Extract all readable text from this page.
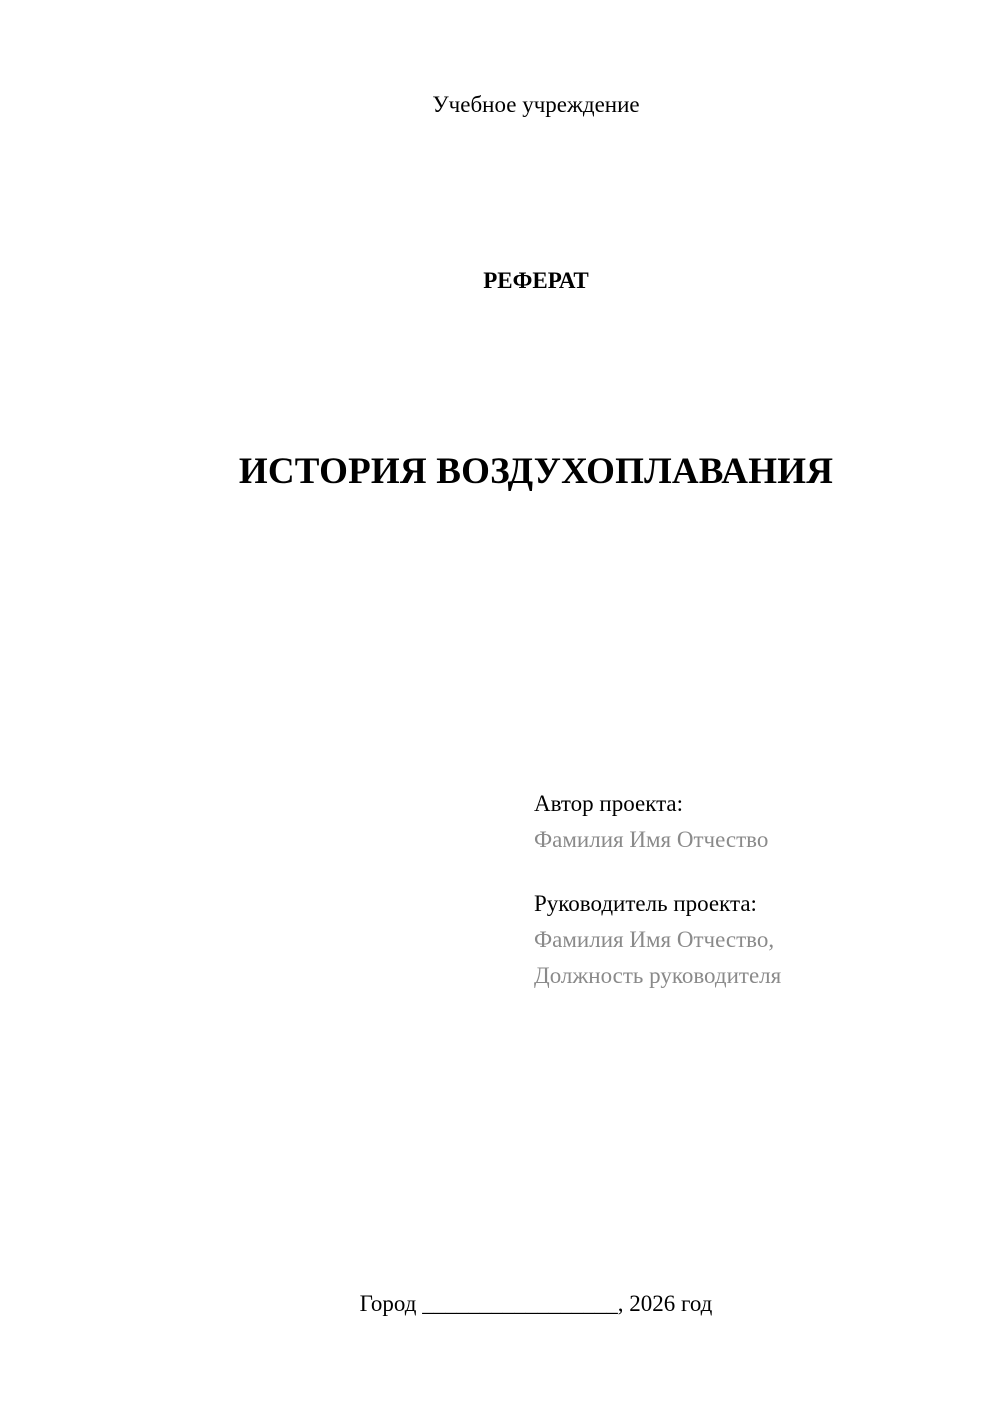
Учебное учреждение
РЕФЕРАТ
ИСТОРИЯ ВОЗДУХОПЛАВАНИЯ
Автор проекта:
Фамилия Имя Отчество
Руководитель проекта:
Фамилия Имя Отчество,
Должность руководителя
Город _________________, 2026 год
